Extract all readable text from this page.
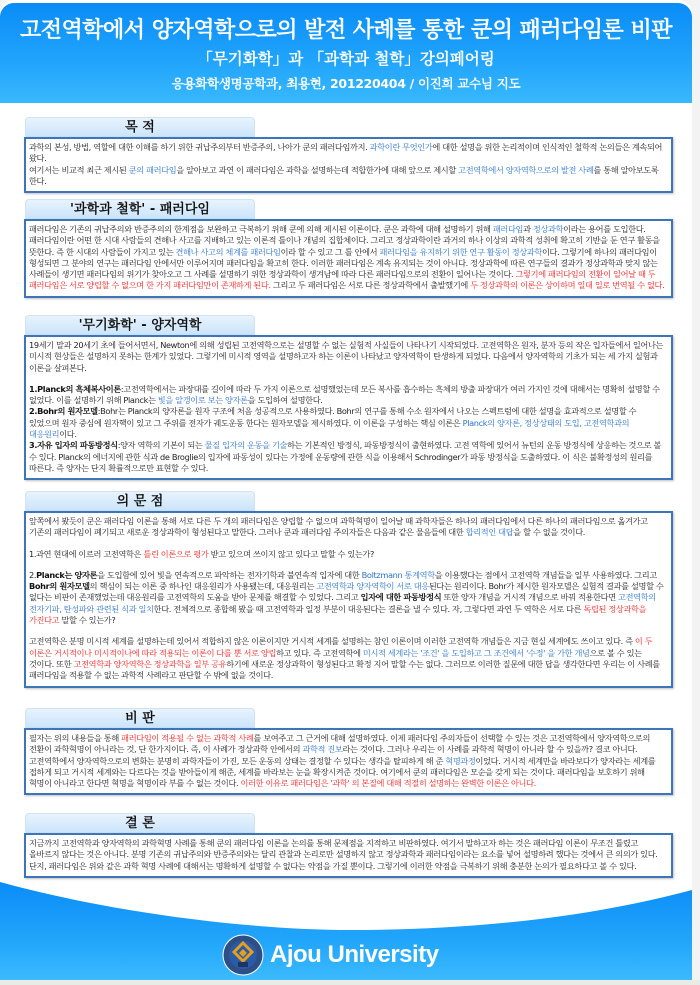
고전역학에서 양자역학으로의 발전 사례를 통한 쿤의 패러다임론 비판
「무기화학」과 「과학과 철학」강의페어링
응용화학생명공학과, 최용현, 201220404 / 이진희 교수님 지도
목 적

과학의 본성, 방법, 역할에 대한 이해를 하기 위한 귀납주의부터 반증주의, 나아가 쿤의 패러다임까지. 과학이란 무엇인가에 대한 설명을 위한 논리적이며 인식적인 철학적 논의들은 계속되어 왔다.

여기서는 비교적 최근 제시된 쿤의 패러다임을 알아보고 과연 이 패러다임은 과학을 설명하는데 적합한가에 대해 앞으로 제시할 고전역학에서 양자역학으로의 발전 사례를 통해 알아보도록 한다.

'과학과 철학' - 패러다임

패러다임은 기존의 귀납주의와 반증주의의 한계점을 보완하고 극복하기 위해 쿤에 의해 제시된 이론이다. 쿤은 과학에 대해 설명하기 위해 패러다임과 정상과학이라는 용어를 도입한다. 패러다임이란 어떤 한 시대 사람들의 견해나 사고를 지배하고 있는 이론적 틀이나 개념의 집합체이다. 그리고 정상과학이란 과거의 하나 이상의 과학적 성취에 확고히 기반을 둔 연구 활동을 뜻한다. 즉 한 시대의 사람들이 가지고 있는 견해나 사고의 체계를 패러다임이라 할 수 있고 그 틀 안에서 패러다임을 유지하기 위한 연구 활동이 정상과학이다. 그렇기에 하나의 패러다임이 형성되면 그 분야의 연구는 패러다임 안에서만 이루어지며 패러다임을 확고히 한다. 이러한 패러다임은 계속 유지되는 것이 아니다. 정상과학에 따른 연구들의 결과가 정상과학과 맞지 않는 사례들이 생기면 패러다임의 위기가 찾아오고 그 사례를 설명하기 위한 정상과학이 생겨남에 따라 다른 패러다임으로의 전환이 일어나는 것이다. 그렇기에 패러다임의 전환이 일어날 때 두 패러다임은 서로 양립할 수 없으며 한 가지 패러다임만이 존재하게 된다. 그리고 두 패러다임은 서로 다른 정상과학에서 출발했기에 두 정상과학의 이론은 상이하며 일대 일로 번역될 수 없다.

'무기화학' - 양자역학

19세기 말과 20세기 초에 들어서면서, Newton에 의해 성립된 고전역학으로는 설명할 수 없는 실험적 사실들이 나타나기 시작되었다. 고전역학은 원자, 분자 등의 작은 입자들에서 일어나는 미시적 현상들은 설명하지 못하는 한계가 있었다. 그렇기에 미시적 영역을 설명하고자 하는 이론이 나타났고 양자역학이 탄생하게 되었다. 다음에서 양자역학의 기초가 되는 세 가지 실험과 이론을 살펴본다.

1.Planck의 흑체복사이론:고전역학에서는 파장대를 길이에 따라 두 가지 이론으로 설명했었는데 모든 복사를 흡수하는 흑체의 방출 파장대가 여러 가지인 것에 대해서는 명확히 설명할 수 없었다. 이를 설명하기 위해 Planck는 빛을 알갱이로 보는 양자론을 도입하여 설명한다.

2.Bohr의 원자모델:Bohr는 Planck의 양자론을 원자 구조에 처음 성공적으로 사용하였다. Bohr의 연구를 통해 수소 원자에서 나오는 스펙트럼에 대한 설명을 효과적으로 설명할 수 있었으며 원자 중심에 원자핵이 있고 그 주위를 전자가 궤도운동 한다는 원자모델을 제시하였다. 이 이론을 구성하는 핵심 이론은 Planck의 양자론, 정상상태의 도입, 고전역학과의 대응원리이다.

3.자유 입자의 파동방정식:양자 역학의 기본이 되는 물질 입자의 운동을 기술하는 기본적인 방정식, 파동방정식이 출현하였다. 고전 역학에 있어서 뉴턴의 운동 방정식에 상응하는 것으로 볼 수 있다. Planck의 에너지에 관한 식과 de Broglie의 입자에 파동성이 있다는 가정에 운동량에 관한 식을 이용해서 Schrodinger가 파동 방정식을 도출하였다. 이 식은 불확정성의 원리를 따른다. 즉 양자는 단지 확률적으로만 표현할 수 있다.

의 문 점

앞쪽에서 봤듯이 쿤은 패러다임 이론을 통해 서로 다른 두 개의 패러다임은 양립할 수 없으며 과학혁명이 일어날 때 과학자들은 하나의 패러다임에서 다른 하나의 패러다임으로 옮겨가고 기존의 패러다임이 폐기되고 새로운 정상과학이 형성된다고 말한다. 그러나 쿤과 패러다임 주의자들은 다음과 같은 물음들에 대한 합리적인 대답을 할 수 없을 것이다.

1.과연 현대에 이르러 고전역학은 틀린 이론으로 평가 받고 있으며 쓰이지 않고 있다고 말할 수 있는가?

2.Planck는 양자론을 도입함에 있어 빛을 연속적으로 파악하는 전자기학과 불연속적 입자에 대한 Boltzmann 통계역학을 이용했다는 점에서 고전역학 개념들을 일부 사용하였다. 그리고 Bohr의 원자모델의 핵심이 되는 이론 중 하나인 대응원리가 사용됐는데, 대응원리는 고전역학과 양자역학이 서로 대응된다는 원리이다. Bohr가 제시한 원자모델은 실험적 결과를 설명할 수 없다는 비판이 존재했었는데 대응원리를 고전역학의 도움을 받아 문제를 해결할 수 있었다. 그리고 입자에 대한 파동방정식 또한 양자 개념을 거시적 개념으로 바꿔 적용한다면 고전역학의 전자기파, 탄성파와 관련된 식과 일치한다. 전체적으로 종합해 봤을 때 고전역학과 일정 부분이 대응된다는 결론을 낼 수 있다. 자, 그렇다면 과연 두 역학은 서로 다른 독립된 정상과학을 가진다고 말할 수 있는가?

고전역학은 분명 미시적 세계를 설명하는데 있어서 적합하지 않은 이론이지만 거시적 세계를 설명하는 참인 이론이며 이러한 고전역학 개념들은 지금 현실 세계에도 쓰이고 있다. 즉 이 두 이론은 거시적이나 미시적이나에 따라 적용되는 이론이 다를 뿐 서로 양립하고 있다. 즉 고전역학에 미시적 세계라는 '조건' 을 도입하고 그 조건에서 '수정' 을 가한 개념으로 볼 수 있는 것이다. 또한 고전역학과 양자역학은 정상과학을 일부 공유하기에 새로운 정상과학이 형성된다고 확정 지어 말할 수는 없다. 그러므로 이러한 질문에 대한 답을 생각한다면 우리는 이 사례를 패러다임을 적용할 수 없는 과학적 사례라고 판단할 수 밖에 없을 것이다.

비 판

필자는 위의 내용들을 통해 패러다임이 적용될 수 없는 과학적 사례를 보여주고 그 근거에 대해 설명하였다. 이제 패러다임 주의자들이 선택할 수 있는 것은 고전역학에서 양자역학으로의 전환이 과학혁명이 아니라는 것, 단 한가지이다. 즉, 이 사례가 정상과학 안에서의 과학적 진보라는 것이다. 그러나 우리는 이 사례를 과학적 혁명이 아니라 할 수 있을까? 결코 아니다. 고전역학에서 양자역학으로의 변화는 분명히 과학자들이 가진, 모든 운동의 상태는 결정할 수 있다는 생각을 탈피하게 해 준 혁명과정이었다. 거시적 세계만을 바라보다가 양자라는 세계를 접하게 되고 거시적 세계와는 다르다는 것을 받아들이게 해준, 세계를 바라보는 눈을 확장시켜준 것이다. 여기에서 쿤의 패러다임은 모순을 갖게 되는 것이다. 패러다임을 보호하기 위해 혁명이 아니라고 한다면 혁명을 혁명이라 부를 수 없는 것이다. 이러한 이유로 패러다임은 '과학' 의 본질에 대해 적절히 설명하는 완벽한 이론은 아니다.

결 론

지금까지 고전역학과 양자역학의 과학혁명 사례를 통해 쿤의 패러다임 이론을 논의를 통해 문제점을 지적하고 비판하였다. 여기서 말하고자 하는 것은 패러다임 이론이 무조건 틀렸고 올바르지 않다는 것은 아니다. 분명 기존의 귀납주의와 반증주의와는 달리 관찰과 논리로만 설명하지 않고 정상과학과 패러다임이라는 요소를 넣어 설명하려 했다는 것에서 큰 의의가 있다. 단지, 패러다임은 위와 같은 과학 혁명 사례에 대해서는 명확하게 설명할 수 없다는 약점을 가질 뿐이다. 그렇기에 이러한 약점을 극복하기 위해 충분한 논의가 필요하다고 볼 수 있다.

Ajou University
